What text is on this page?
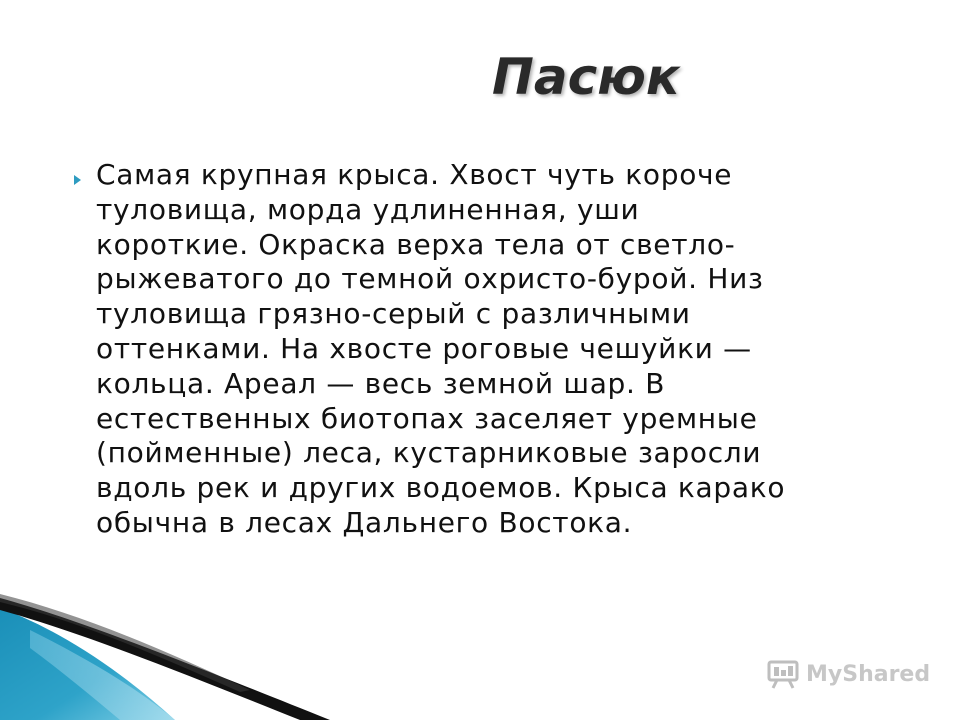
Пасюк

Самая крупная крыса. Хвост чуть короче
туловища, морда удлиненная, уши
короткие. Окраска верха тела от светло-
рыжеватого до темной охристо-бурой. Низ
туловища грязно-серый с различными
оттенками. На хвосте роговые чешуйки —
кольца. Ареал — весь земной шар. В
естественных биотопах заселяет уремные
(пойменные) леса, кустарниковые заросли
вдоль рек и других водоемов. Крыса карако
обычна в лесах Дальнего Востока.

MyShared
